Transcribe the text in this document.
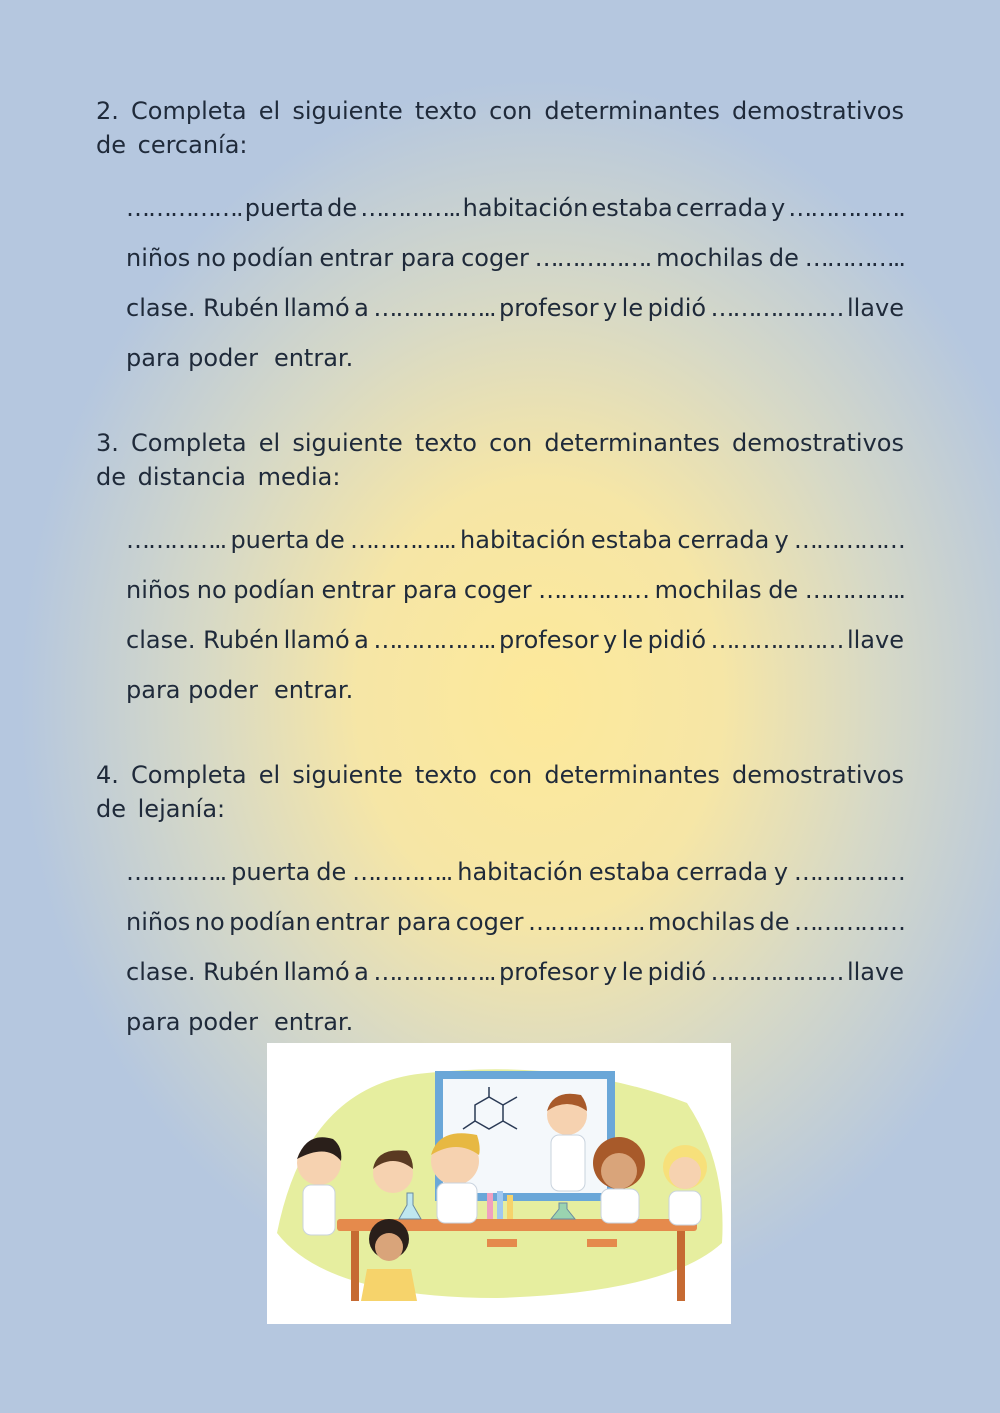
2. Completa el siguiente texto con determinantes demostrativos de cercanía:

……………. puerta de ………….. habitación estaba cerrada y …………….
niños no podían entrar para coger ……………. mochilas de …………..
clase. Rubén llamó a …………….. profesor y le pidió ……………… llave
para poder entrar.

3. Completa el siguiente texto con determinantes demostrativos de distancia media:

………….. puerta de …………... habitación estaba cerrada y ……………
niños no podían entrar para coger …………… mochilas de …………..
clase. Rubén llamó a …………….. profesor y le pidió ……………… llave
para poder entrar.

4. Completa el siguiente texto con determinantes demostrativos de lejanía:

………….. puerta de ………….. habitación estaba cerrada y ……………
niños no podían entrar para coger ……………. mochilas de ……………
clase. Rubén llamó a …………….. profesor y le pidió ……………… llave
para poder entrar.
